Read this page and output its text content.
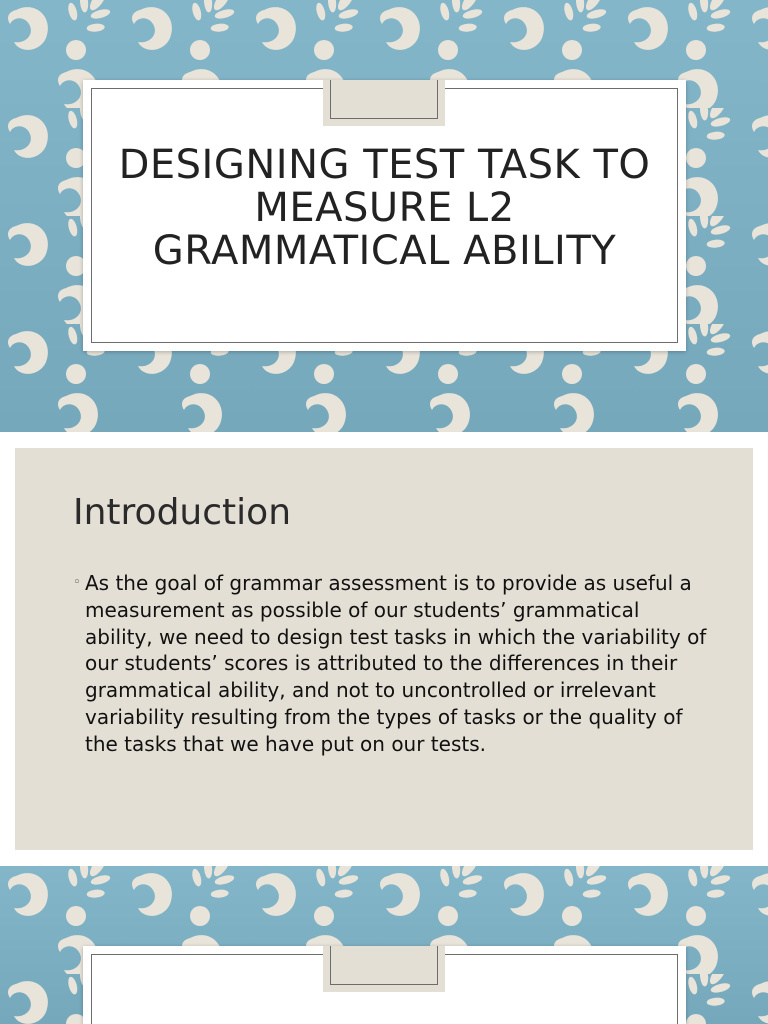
DESIGNING TEST TASK TO MEASURE L2 GRAMMATICAL ABILITY
Introduction
◦ As the goal of grammar assessment is to provide as useful a measurement as possible of our students’ grammatical ability, we need to design test tasks in which the variability of our students’ scores is attributed to the differences in their grammatical ability, and not to uncontrolled or irrelevant variability resulting from the types of tasks or the quality of the tasks that we have put on our tests.
